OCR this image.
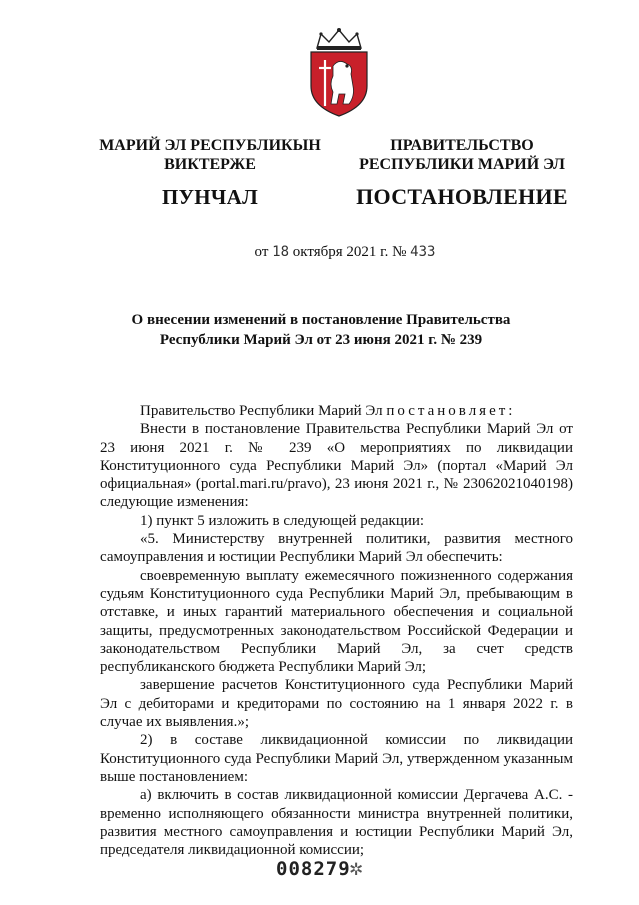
МАРИЙ ЭЛ РЕСПУБЛИКЫН
ВИКТЕРЖЕ
ПУНЧАЛ
ПРАВИТЕЛЬСТВО
РЕСПУБЛИКИ МАРИЙ ЭЛ
ПОСТАНОВЛЕНИЕ
от 18 октября 2021 г. № 433
О внесении изменений в постановление Правительства
Республики Марий Эл от 23 июня 2021 г. № 239

Правительство Республики Марий Эл постановляет:

Внести в постановление Правительства Республики Марий Эл от 23 июня 2021 г. № 239 «О мероприятиях по ликвидации Конституционного суда Республики Марий Эл» (портал «Марий Эл официальная» (portal.mari.ru/pravo), 23 июня 2021 г., № 23062021040198) следующие изменения:

1) пункт 5 изложить в следующей редакции:

«5. Министерству внутренней политики, развития местного самоуправления и юстиции Республики Марий Эл обеспечить:

своевременную выплату ежемесячного пожизненного содержания судьям Конституционного суда Республики Марий Эл, пребывающим в отставке, и иных гарантий материального обеспечения и социальной защиты, предусмотренных законодательством Российской Федерации и законодательством Республики Марий Эл, за счет средств республиканского бюджета Республики Марий Эл;

завершение расчетов Конституционного суда Республики Марий Эл с дебиторами и кредиторами по состоянию на 1 января 2022 г. в случае их выявления.»;

2) в составе ликвидационной комиссии по ликвидации Конституционного суда Республики Марий Эл, утвержденном указанным выше постановлением:

а) включить в состав ликвидационной комиссии Дергачева А.С. - временно исполняющего обязанности министра внутренней политики, развития местного самоуправления и юстиции Республики Марий Эл, председателя ликвидационной комиссии;

008279
✲
